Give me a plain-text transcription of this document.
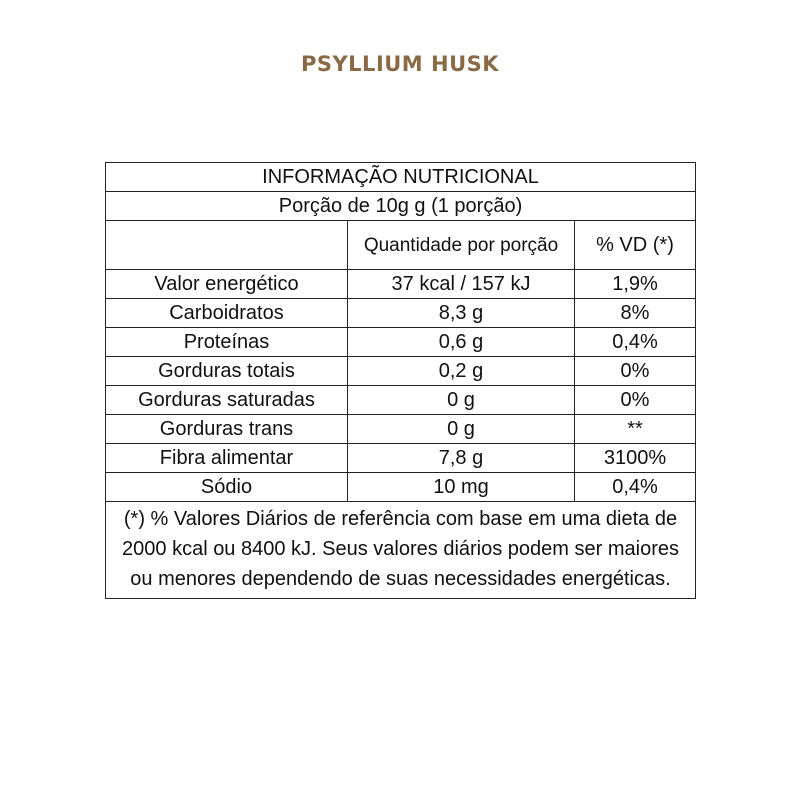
PSYLLIUM HUSK
INFORMAÇÃO NUTRICIONAL		
Porção de 10g g (1 porção)		
	Quantidade por porção	% VD (*)
Valor energético	37 kcal / 157 kJ	1,9%
Carboidratos	8,3 g	8%
Proteínas	0,6 g	0,4%
Gorduras totais	0,2 g	0%
Gorduras saturadas	0 g	0%
Gorduras trans	0 g	**
Fibra alimentar	7,8 g	3100%
Sódio	10 mg	0,4%
(*) % Valores Diários de referência com base em uma dieta de 2000 kcal ou 8400 kJ. Seus valores diários podem ser maiores ou menores dependendo de suas necessidades energéticas.		
